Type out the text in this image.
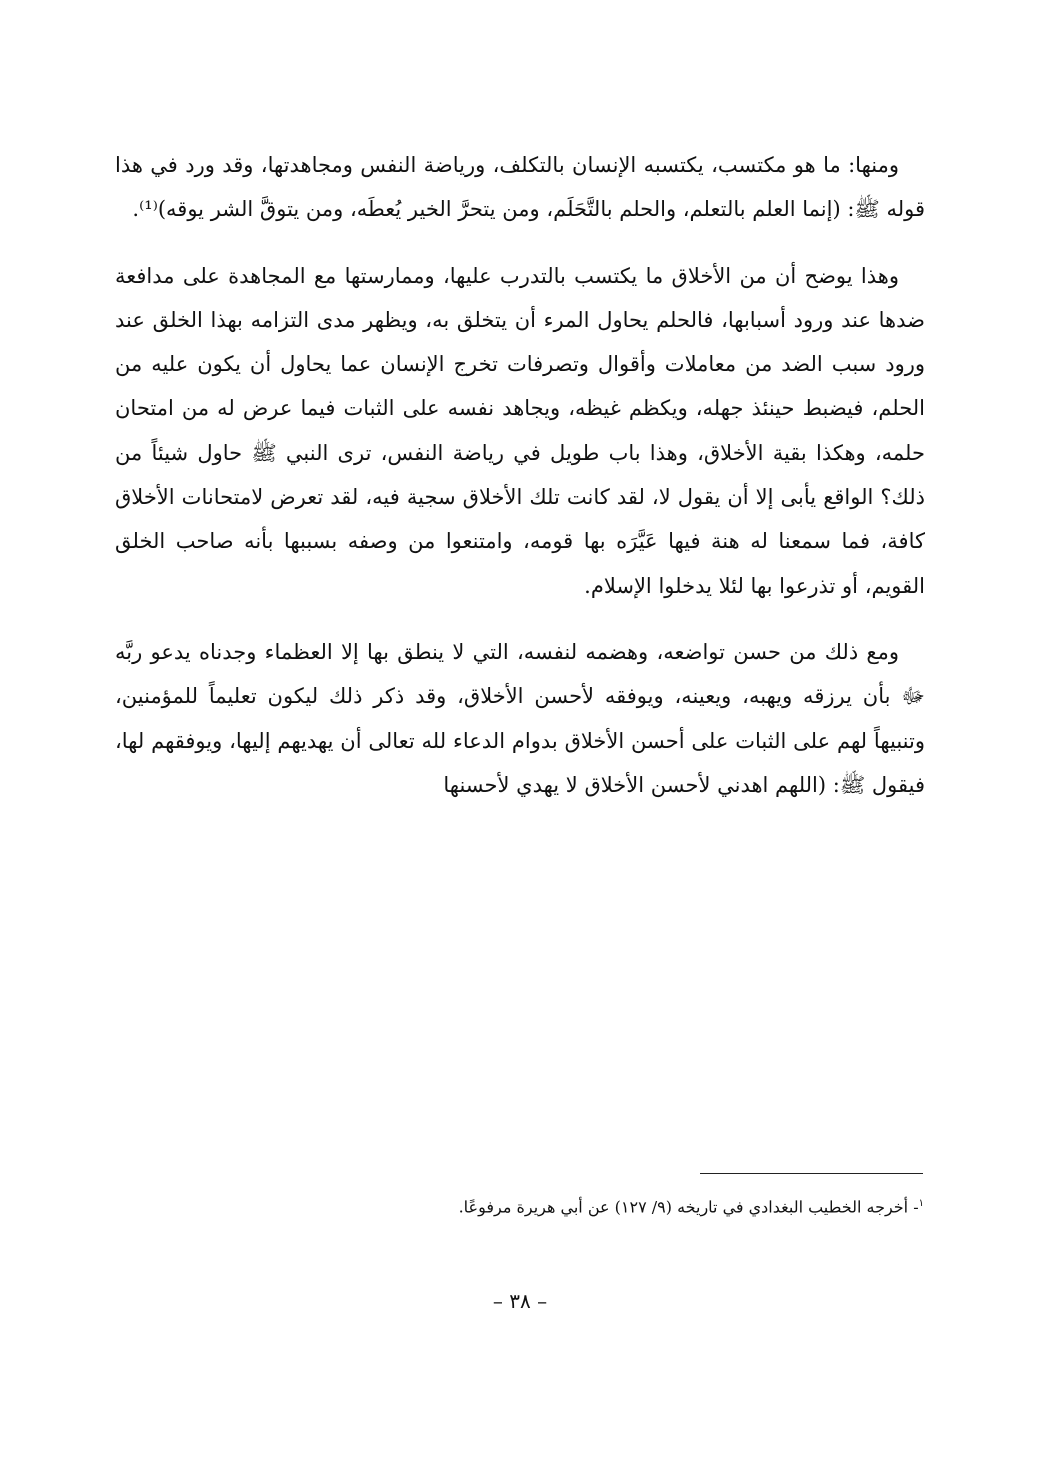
ومنها: ما هو مكتسب، يكتسبه الإنسان بالتكلف، ورياضة النفس ومجاهدتها، وقد ورد في هذا قوله ﷺ: (إنما العلم بالتعلم، والحلم بالتَّحَلَم، ومن يتحرَّ الخير يُعطَه، ومن يتوقَّ الشر يوقه)⁽¹⁾.

وهذا يوضح أن من الأخلاق ما يكتسب بالتدرب عليها، وممارستها مع المجاهدة على مدافعة ضدها عند ورود أسبابها، فالحلم يحاول المرء أن يتخلق به، ويظهر مدى التزامه بهذا الخلق عند ورود سبب الضد من معاملات وأقوال وتصرفات تخرج الإنسان عما يحاول أن يكون عليه من الحلم، فيضبط حينئذ جهله، ويكظم غيظه، ويجاهد نفسه على الثبات فيما عرض له من امتحان حلمه، وهكذا بقية الأخلاق، وهذا باب طويل في رياضة النفس، ترى النبي ﷺ حاول شيئاً من ذلك؟ الواقع يأبى إلا أن يقول لا، لقد كانت تلك الأخلاق سجية فيه، لقد تعرض لامتحانات الأخلاق كافة، فما سمعنا له هنة فيها عَيَّرَه بها قومه، وامتنعوا من وصفه بسببها بأنه صاحب الخلق القويم، أو تذرعوا بها لئلا يدخلوا الإسلام.

ومع ذلك من حسن تواضعه، وهضمه لنفسه، التي لا ينطق بها إلا العظماء وجدناه يدعو ربَّه ﷻ بأن يرزقه ويهبه، ويعينه، ويوفقه لأحسن الأخلاق، وقد ذكر ذلك ليكون تعليماً للمؤمنين، وتنبيهاً لهم على الثبات على أحسن الأخلاق بدوام الدعاء لله تعالى أن يهديهم إليها، ويوفقهم لها، فيقول ﷺ: (اللهم اهدني لأحسن الأخلاق لا يهدي لأحسنها

$^١$- أخرجه الخطيب البغدادي في تاريخه (٩/ ١٢٧) عن أبي هريرة مرفوعًا.
– ٣٨ –
